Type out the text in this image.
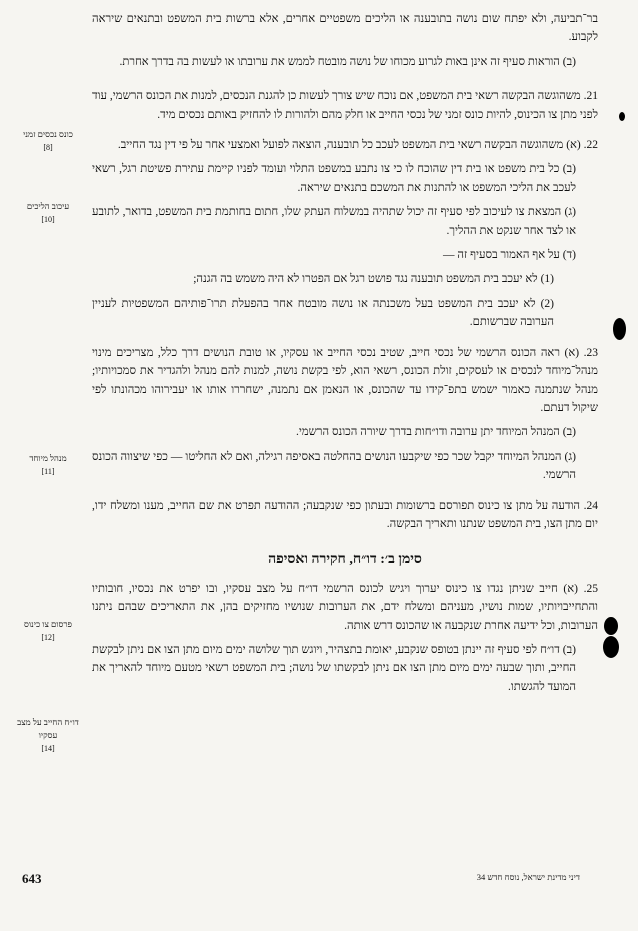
בר־תביעה, ולא יפתח שום נושה בתובענה או הליכים משפטיים אחרים, אלא ברשות בית המשפט ובתנאים שיראה לקבוע.

(ב) הוראות סעיף זה אינן באות לגרוע מכוחו של נושה מובטח לממש את ערובתו או לעשות בה בדרך אחרת.

21. משהוגשה הבקשה רשאי בית המשפט, אם נוכח שיש צורך לעשות כן להגנת הנכסים, למנות את הכונס הרשמי, עוד לפני מתן צו הכינוס, להיות כונס זמני של נכסי החייב או חלק מהם ולהורות לו להחזיק באותם נכסים מיד.

22. (א) משהוגשה הבקשה רשאי בית המשפט לעכב כל תובענה, הוצאה לפועל ואמצעי אחר על פי דין נגד החייב.

(ב) כל בית משפט או בית דין שהוכח לו כי צו נתבע במשפט התלוי ועומד לפניו קיימת עתירת פשיטת רגל, רשאי לעכב את הליכי המשפט או להתנות את המשכם בתנאים שיראה.

(ג) המצאת צו לעיכוב לפי סעיף זה יכול שתהיה במשלוח העתק שלו, חתום בחותמת בית המשפט, בדואר, לתובע או לצד אחר שנקט את ההליך.

(ד) על אף האמור בסעיף זה —

(1) לא יעכב בית המשפט תובענה נגד פושט רגל אם הפטרו לא היה משמש בה הגנה;

(2) לא יעכב בית המשפט בעל משכנתה או נושה מובטח אחר בהפעלת תרו־פותיהם המשפטיות לעניין הערובה שברשותם.

23. (א) ראה הכונס הרשמי של נכסי חייב, שטיב נכסי החייב או עסקיו, או טובת הנושים דרך כלל, מצריכים מינוי מנהל־מיוחד לנכסים או לעסקים, זולת הכונס, רשאי הוא, לפי בקשת נושה, למנות להם מנהל ולהגדיר את סמכויותיו; מנהל שנתמנה כאמור ישמש בתפ־קידו עד שהכונס, או הנאמן אם נתמנה, ישחררו אותו או יעבירוהו מכהונתו לפי שיקול דעתם.

(ב) המנהל המיוחד יתן ערובה ודו״חות בדרך שיורה הכונס הרשמי.

(ג) המנהל המיוחד יקבל שכר כפי שיקבעו הנושים בהחלטה באסיפה רגילה, ואם לא החליטו — כפי שיצווה הכונס הרשמי.

24. הודעה על מתן צו כינוס תפורסם ברשומות ובעתון כפי שנקבעה; ההודעה תפרט את שם החייב, מענו ומשלח ידו, יום מתן הצו, בית המשפט שנתנו ותאריך הבקשה.

סימן ב׳: דו״ח, חקירה ואסיפה

25. (א) חייב שניתן נגדו צו כינוס יערוך ויגיש לכונס הרשמי דו״ח על מצב עסקיו, ובו יפרט את נכסיו, חובותיו והתחייבויותיו, שמות נושיו, מעניהם ומשלח ידם, את הערובות שנושיו מחזיקים בהן, את התאריכים שבהם ניתנו הערובות, וכל ידיעה אחרת שנקבעה או שהכונס דרש אותה.

(ב) דו״ח לפי סעיף זה יינתן בטופס שנקבע, יאומת בתצהיר, ויוגש תוך שלושה ימים מיום מתן הצו אם ניתן לבקשת החייב, ותוך שבעה ימים מיום מתן הצו אם ניתן לבקשתו של נושה; בית המשפט רשאי מטעם מיוחד להאריך את המועד להגשתו.

כונס נכסים זמני
[8]
עיכוב הליכים
[10]
מנהל מיוחד
[11]
פרסום צו כינוס
[12]
דו״ח החייב על מצב עסקיו
[14]
643	דיני מדינת ישראל, נוסח חדש 34
